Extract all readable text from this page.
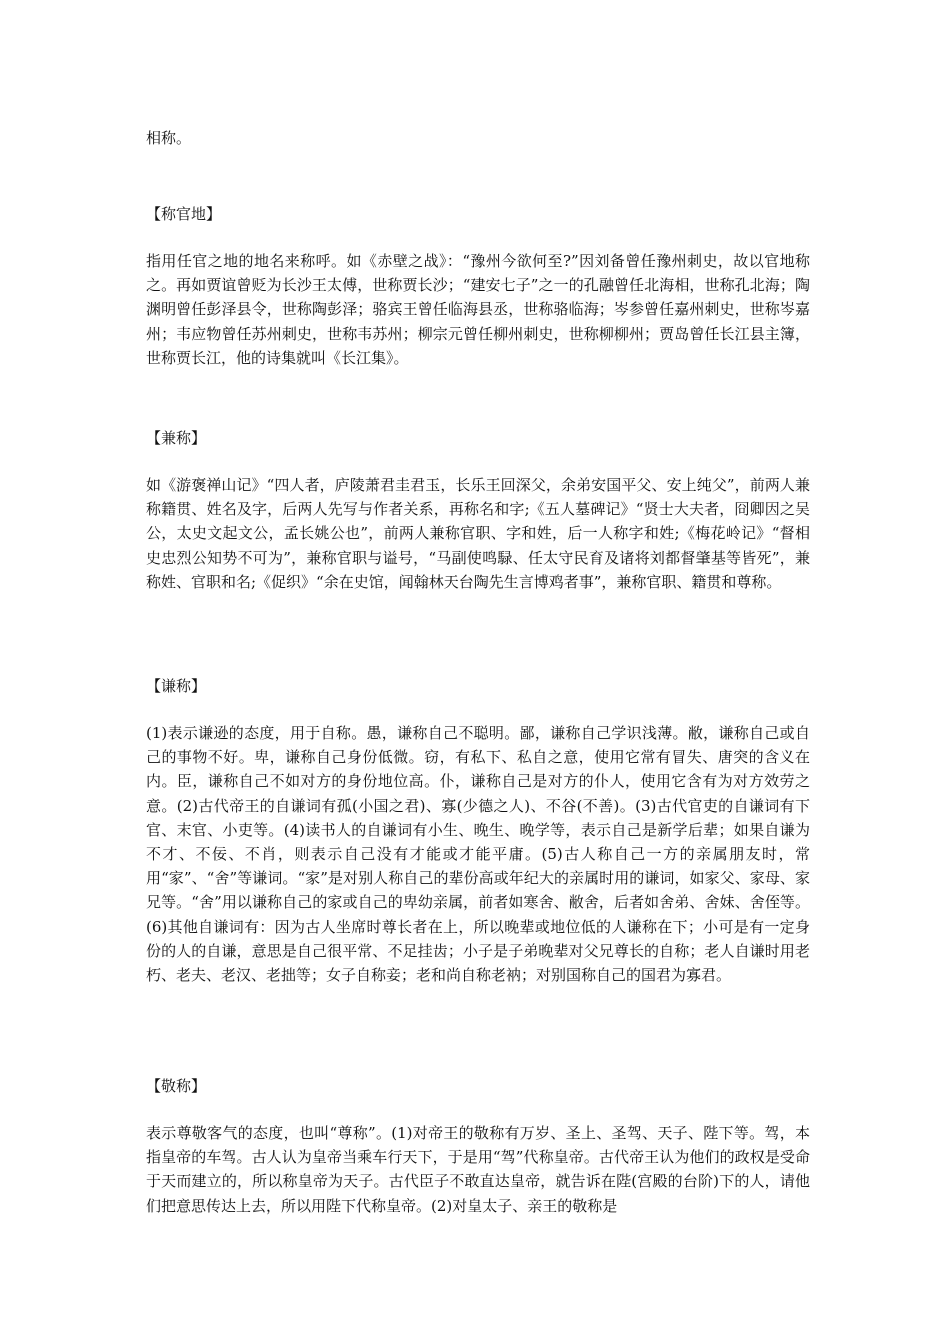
相称。
【称官地】
指用任官之地的地名来称呼。如《赤壁之战》：“豫州今欲何至?”因刘备曾任豫州刺史，故以官地称之。再如贾谊曾贬为长沙王太傅，世称贾长沙；“建安七子”之一的孔融曾任北海相，世称孔北海；陶渊明曾任彭泽县令，世称陶彭泽；骆宾王曾任临海县丞，世称骆临海；岑参曾任嘉州刺史，世称岑嘉州；韦应物曾任苏州刺史，世称韦苏州；柳宗元曾任柳州刺史，世称柳柳州；贾岛曾任长江县主簿，世称贾长江，他的诗集就叫《长江集》。
【兼称】
如《游褒禅山记》“四人者，庐陵萧君圭君玉，长乐王回深父，余弟安国平父、安上纯父”，前两人兼称籍贯、姓名及字，后两人先写与作者关系，再称名和字;《五人墓碑记》“贤士大夫者，冏卿因之吴公，太史文起文公，孟长姚公也”，前两人兼称官职、字和姓，后一人称字和姓;《梅花岭记》“督相史忠烈公知势不可为”，兼称官职与谥号，“马副使鸣騄、任太守民育及诸将刘都督肇基等皆死”，兼称姓、官职和名;《促织》“余在史馆，闻翰林天台陶先生言博鸡者事”，兼称官职、籍贯和尊称。
【谦称】
(1)表示谦逊的态度，用于自称。愚，谦称自己不聪明。鄙，谦称自己学识浅薄。敝，谦称自己或自己的事物不好。卑，谦称自己身份低微。窃，有私下、私自之意，使用它常有冒失、唐突的含义在内。臣，谦称自己不如对方的身份地位高。仆，谦称自己是对方的仆人，使用它含有为对方效劳之意。(2)古代帝王的自谦词有孤(小国之君)、寡(少德之人)、不谷(不善)。(3)古代官吏的自谦词有下官、末官、小吏等。(4)读书人的自谦词有小生、晚生、晚学等，表示自己是新学后辈；如果自谦为不才、不佞、不肖，则表示自己没有才能或才能平庸。(5)古人称自己一方的亲属朋友时，常用“家”、“舍”等谦词。“家”是对别人称自己的辈份高或年纪大的亲属时用的谦词，如家父、家母、家兄等。“舍”用以谦称自己的家或自己的卑幼亲属，前者如寒舍、敝舍，后者如舍弟、舍妹、舍侄等。(6)其他自谦词有：因为古人坐席时尊长者在上，所以晚辈或地位低的人谦称在下；小可是有一定身份的人的自谦，意思是自己很平常、不足挂齿；小子是子弟晚辈对父兄尊长的自称；老人自谦时用老朽、老夫、老汉、老拙等；女子自称妾；老和尚自称老衲；对别国称自己的国君为寡君。
【敬称】
表示尊敬客气的态度，也叫“尊称”。(1)对帝王的敬称有万岁、圣上、圣驾、天子、陛下等。驾，本指皇帝的车驾。古人认为皇帝当乘车行天下，于是用“驾”代称皇帝。古代帝王认为他们的政权是受命于天而建立的，所以称皇帝为天子。古代臣子不敢直达皇帝，就告诉在陛(宫殿的台阶)下的人，请他们把意思传达上去，所以用陛下代称皇帝。(2)对皇太子、亲王的敬称是
